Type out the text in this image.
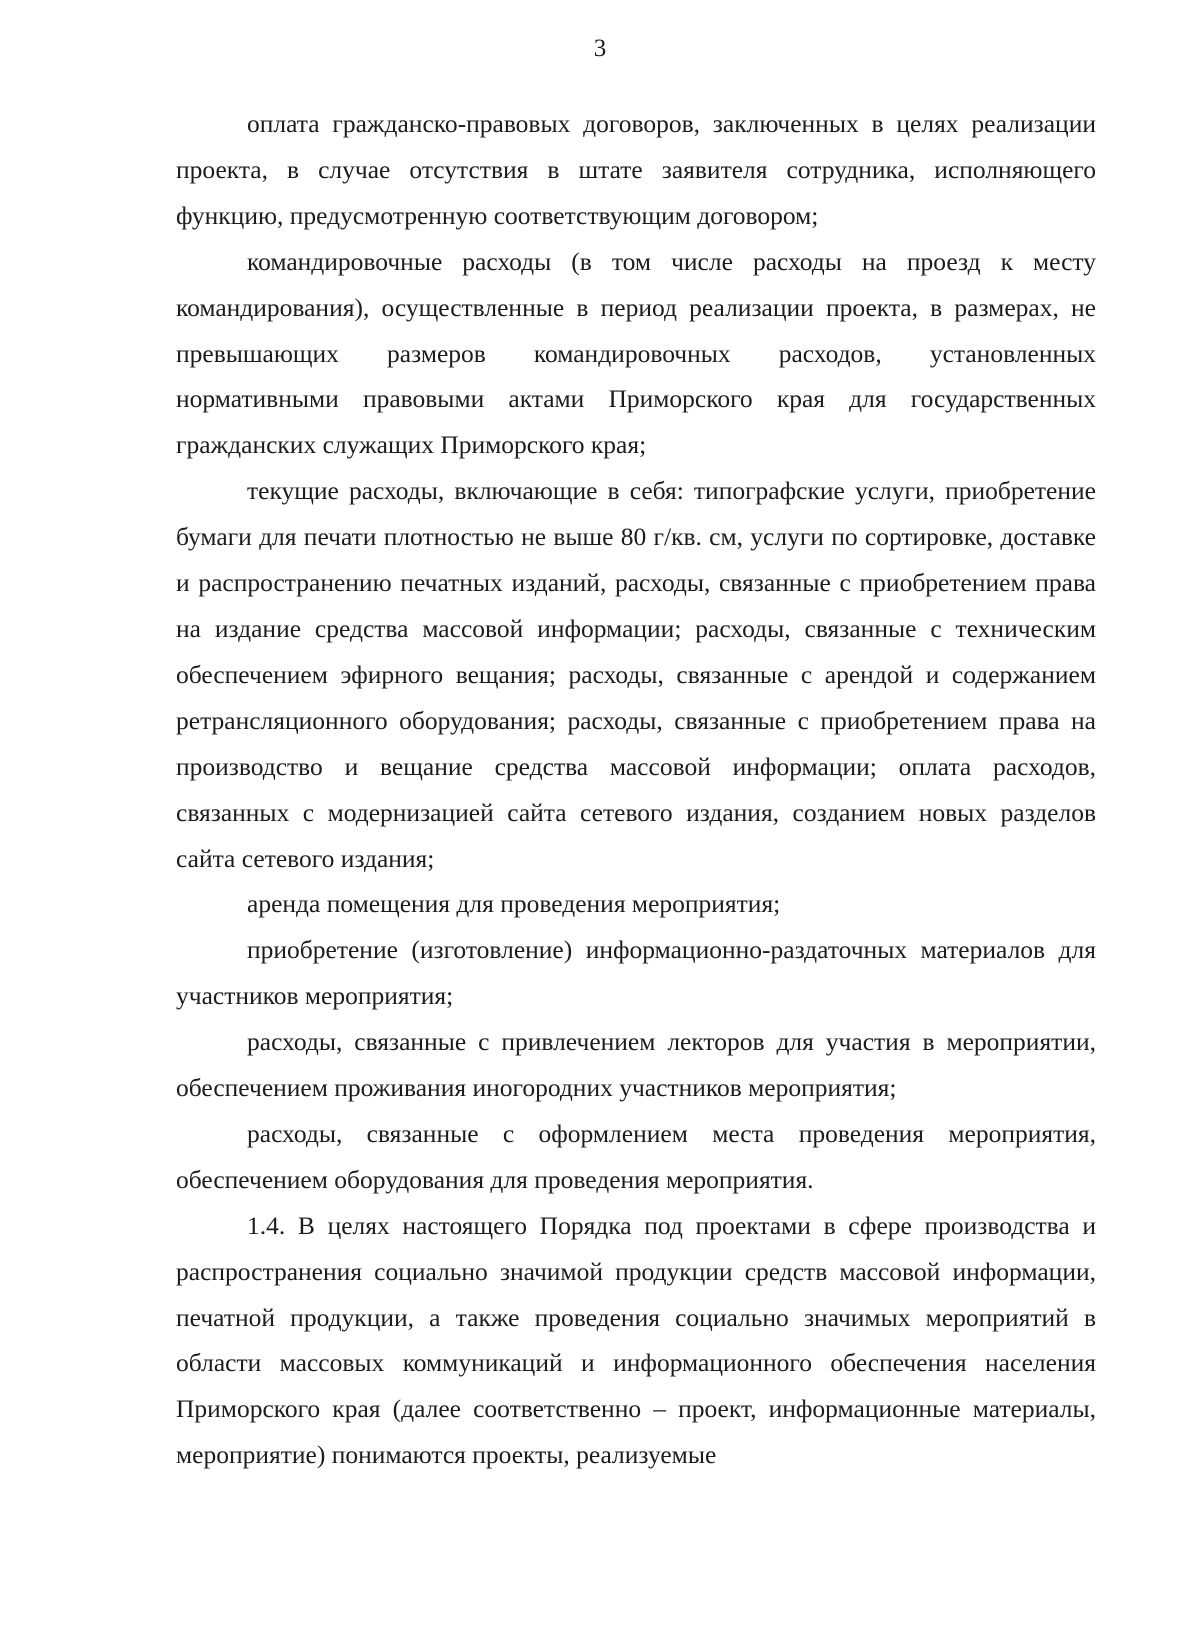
3

оплата гражданско-правовых договоров, заключенных в целях реализации проекта, в случае отсутствия в штате заявителя сотрудника, исполняющего функцию, предусмотренную соответствующим договором;

командировочные расходы (в том числе расходы на проезд к месту командирования), осуществленные в период реализации проекта, в размерах, не превышающих размеров командировочных расходов, установленных нормативными правовыми актами Приморского края для государственных гражданских служащих Приморского края;

текущие расходы, включающие в себя: типографские услуги, приобретение бумаги для печати плотностью не выше 80 г/кв. см, услуги по сортировке, доставке и распространению печатных изданий, расходы, связанные с приобретением права на издание средства массовой информации; расходы, связанные с техническим обеспечением эфирного вещания; расходы, связанные с арендой и содержанием ретрансляционного оборудования; расходы, связанные с приобретением права на производство и вещание средства массовой информации; оплата расходов, связанных с модернизацией сайта сетевого издания, созданием новых разделов сайта сетевого издания;

аренда помещения для проведения мероприятия;

приобретение (изготовление) информационно-раздаточных материалов для участников мероприятия;

расходы, связанные с привлечением лекторов для участия в мероприятии, обеспечением проживания иногородних участников мероприятия;

расходы, связанные с оформлением места проведения мероприятия, обеспечением оборудования для проведения мероприятия.

1.4. В целях настоящего Порядка под проектами в сфере производства и распространения социально значимой продукции средств массовой информации, печатной продукции, а также проведения социально значимых мероприятий в области массовых коммуникаций и информационного обеспечения населения Приморского края (далее соответственно – проект, информационные материалы, мероприятие) понимаются проекты, реализуемые
